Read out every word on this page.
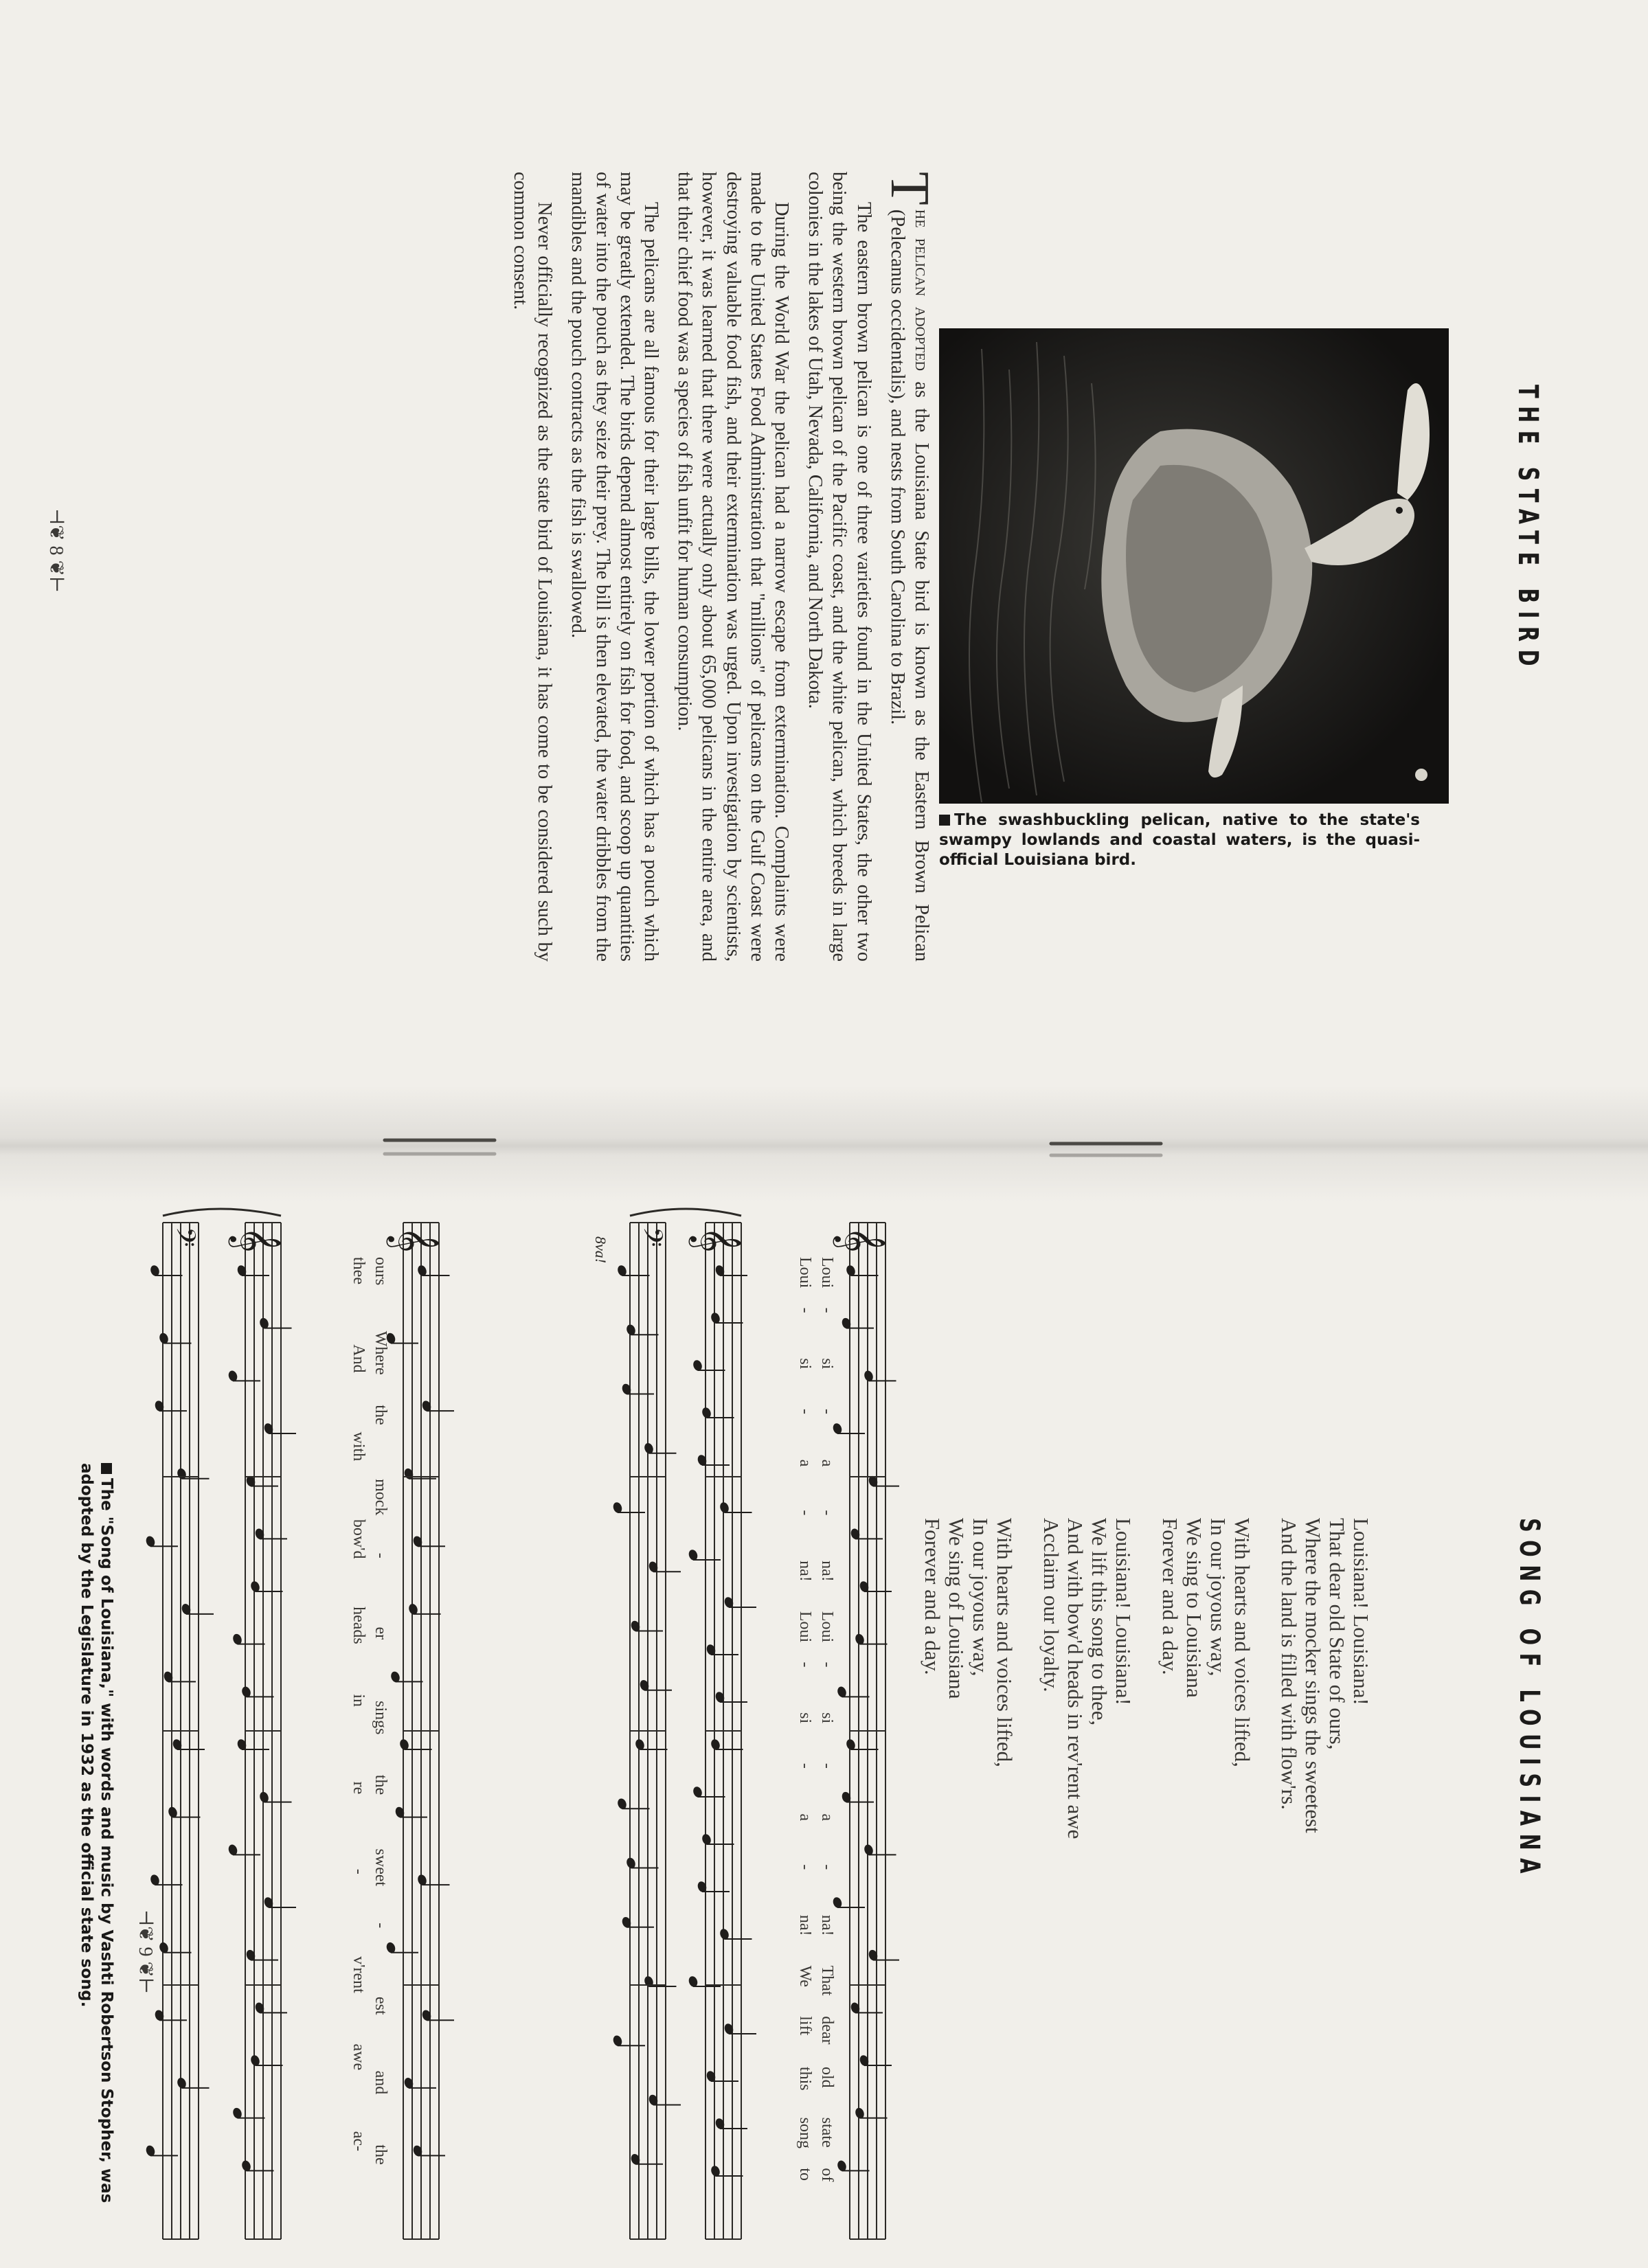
THE STATE BIRD
The swashbuckling pelican, native to the state's swampy lowlands and coastal waters, is the quasi-official Louisiana bird.

T
he pelican adopted as the Louisiana State bird is known as the Eastern Brown Pelican (Pelecanus occidentalis), and nests from South Carolina to Brazil.

The eastern brown pelican is one of three varieties found in the United States, the other two being the western brown pelican of the Pacific coast, and the white pelican, which breeds in large colonies in the lakes of Utah, Nevada, California, and North Dakota.

During the World War the pelican had a narrow escape from extermination. Complaints were made to the United States Food Administration that "millions" of pelicans on the Gulf Coast were destroying valuable food fish, and their extermination was urged. Upon investigation by scientists, however, it was learned that there were actually only about 65,000 pelicans in the entire area, and that their chief food was a species of fish unfit for human consumption.

The pelicans are all famous for their large bills, the lower portion of which has a pouch which may be greatly extended. The birds depend almost entirely on fish for food, and scoop up quantities of water into the pouch as they seize their prey. The bill is then elevated, the water dribbles from the mandibles and the pouch contracts as the fish is swallowed.

Never officially recognized as the state bird of Louisiana, it has come to be considered such by common consent.

⊣❦ 8 ❦⊢
SONG OF LOUISIANA
Louisiana! Louisiana!
That dear old State of ours,
Where the mocker sings the sweetest
And the land is filled with flow'rs.
With hearts and voices lifted,
In our joyous way,
We sing to Louisiana
Forever and a day.
Louisiana! Louisiana!
We lift this song to thee,
And with bow'd heads in rev'rent awe
Acclaim our loyalty.
With hearts and voices lifted,
In our joyous way,
We sing of Louisiana
Forever and a day.
Loui
-
si
-
a
-
na!
Loui
-
si
-
a
-
na!
That
dear
old
state
of
Loui
-
si
-
a
-
na!
Loui
-
si
-
a
-
na!
We
lift
this
song
to
8va!
ours
Where
the
mock
-
er
sings
the
sweet
-
est
and
the
thee
And
with
bow'd
heads
in
re
-
v'rent
awe
ac-
𝄞
𝄞
𝄞
𝄞	𝄢
𝄢
The "Song of Louisiana," with words and music by Vashti Robertson Stopher, was adopted by the Legislature in 1932 as the official state song.	⊣❦ 9 ❦⊢
